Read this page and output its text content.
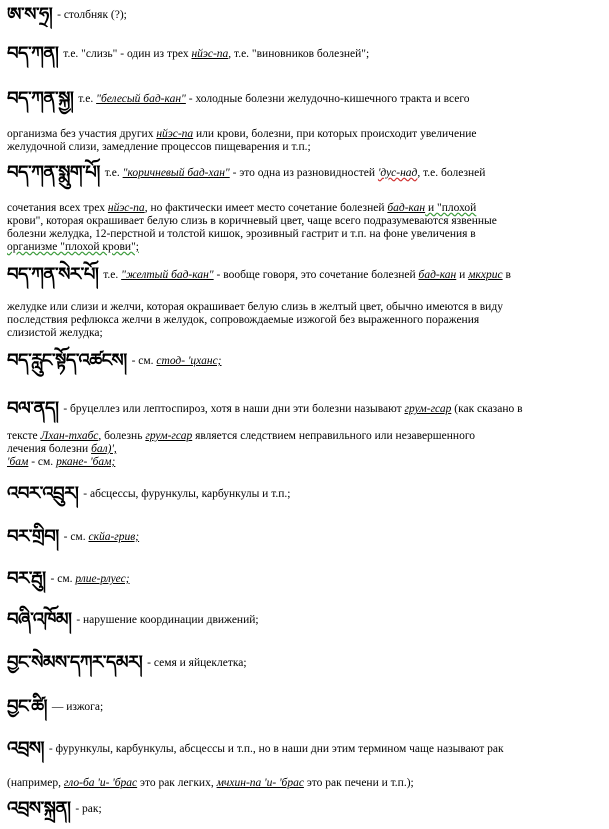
ཨ་ས་ཧྲ། - столбняк (?);
བད་ཀན། т.е. "слизь" - один из трех нйэс-па, т.е. "виновников болезней";
བད་ཀན་སྐྱ། т.е. "белесый бад-кан" - холодные болезни желудочно-кишечного тракта и всего
организма без участия других нйэс-па или крови, болезни, при которых происходит увеличение
желудочной слизи, замедление процессов пищеварения и т.п.;
བད་ཀན་སྨུག་པོ། т.е. "коричневый бад-хан" - это одна из разновидностей 'дус-над, т.е. болезней
сочетания всех трех нйэс-па, но фактически имеет место сочетание болезней бад-кан и "плохой
крови", которая окрашивает белую слизь в коричневый цвет, чаще всего подразумеваются язвенные
болезни желудка, 12-перстной и толстой кишок, эрозивный гастрит и т.п. на фоне увеличения в
организме "плохой крови";
བད་ཀན་སེར་པོ། т.е. "желтый бад-кан" - вообще говоря, это сочетание болезней бад-кан и мкхрис в
желудке или слизи и желчи, которая окрашивает белую слизь в желтый цвет, обычно имеются в виду
последствия рефлюкса желчи в желудок, сопровождаемые изжогой без выраженного поражения
слизистой желудка;
བད་རླུང་སྟོད་འཚངས། - см. стод- 'цханс;
བལ་ནད། - бруцеллез или лептоспироз, хотя в наши дни эти болезни называют грум-гсар (как сказано в
тексте Лхан-тхабс, болезнь грум-гсар является следствием неправильного или незавершенного
лечения болезни бал)',
'бам - см. ркане- 'бам;
འབར་འབྲུར། - абсцессы, фурункулы, карбункулы и т.п.;
བར་གྲིབ། - см. скйа-грив;
བར་རྦུ། - см. рлие-рлуес;
བཞི་འཁོམ། - нарушение координации движений;
བྱང་སེམས་དཀར་དམར། - семя и яйцеклетка;
བྱང་ཚི། — изжога;
འབྲས། - фурункулы, карбункулы, абсцессы и т.п., но в наши дни этим термином чаще называют рак
(например, гло-ба 'и- 'брас это рак легких, мчхин-па 'и- 'брас это рак печени и т.п.);
འབྲས་སྐྲན། - рак;
